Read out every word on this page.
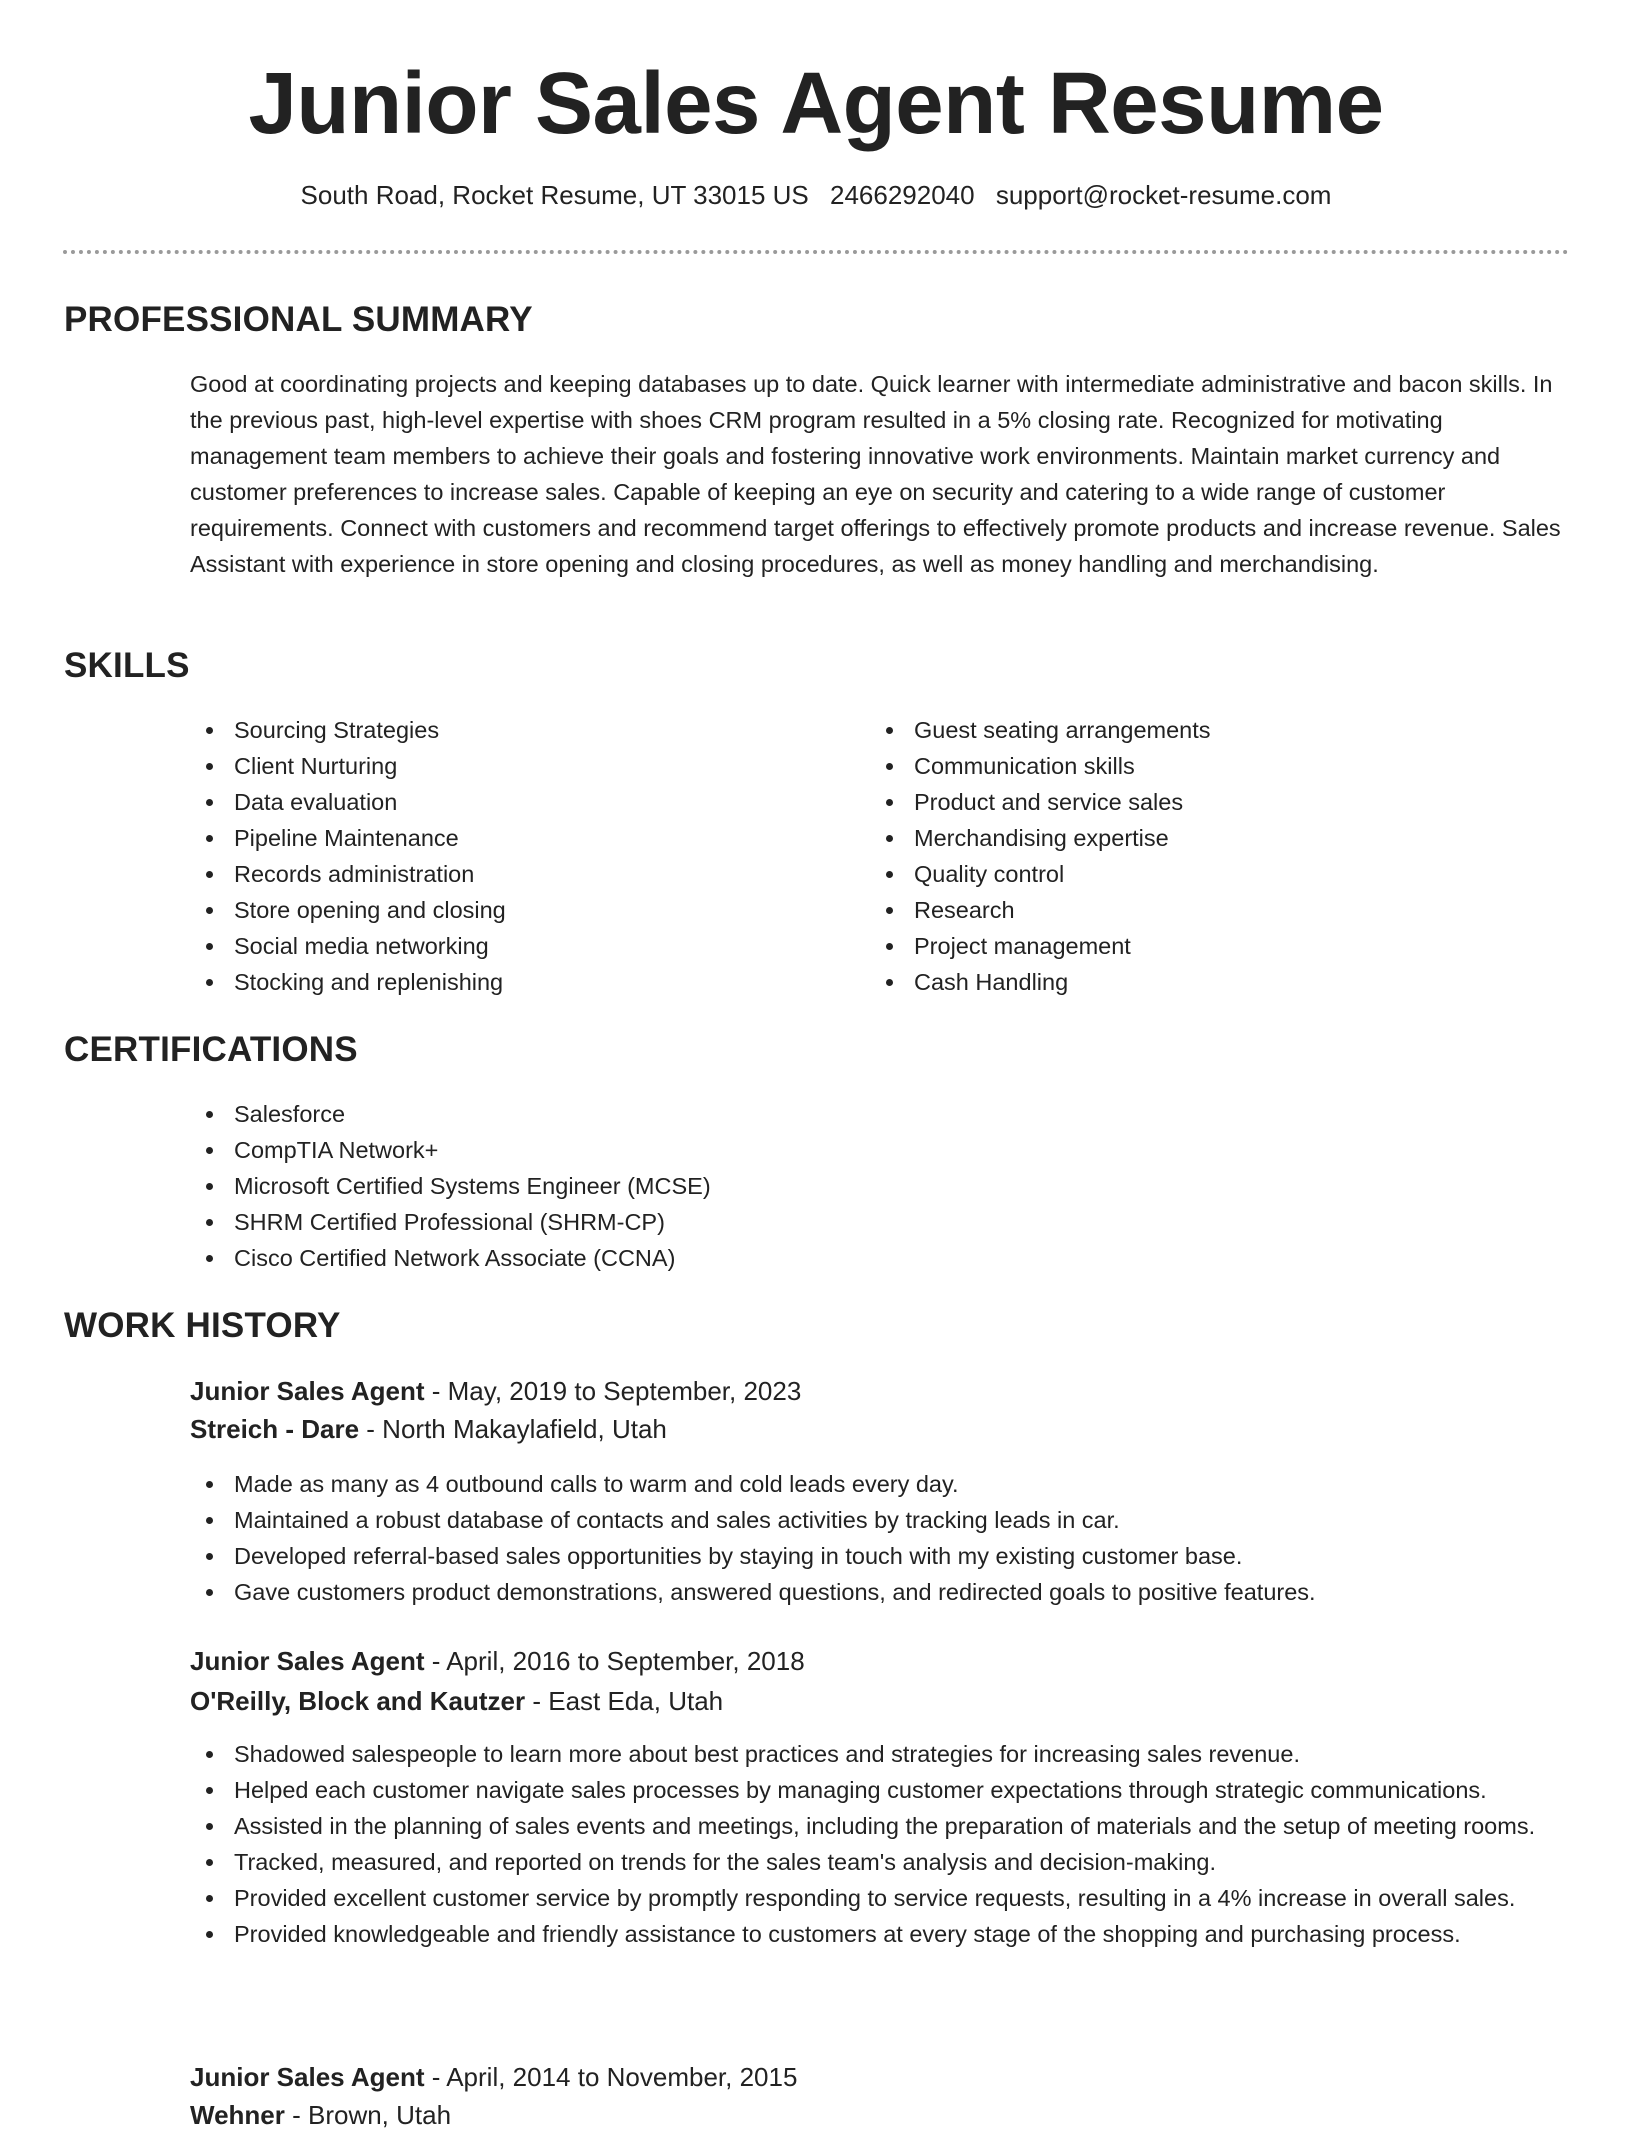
Junior Sales Agent Resume
South Road, Rocket Resume, UT 33015 US 2466292040 support@rocket-resume.com
PROFESSIONAL SUMMARY

Good at coordinating projects and keeping databases up to date. Quick learner with intermediate administrative and bacon skills. In the previous past, high-level expertise with shoes CRM program resulted in a 5% closing rate. Recognized for motivating management team members to achieve their goals and fostering innovative work environments. Maintain market currency and customer preferences to increase sales. Capable of keeping an eye on security and catering to a wide range of customer requirements. Connect with customers and recommend target offerings to effectively promote products and increase revenue. Sales Assistant with experience in store opening and closing procedures, as well as money handling and merchandising.

SKILLS
Sourcing Strategies
Client Nurturing
Data evaluation
Pipeline Maintenance
Records administration
Store opening and closing
Social media networking
Stocking and replenishing
Guest seating arrangements
Communication skills
Product and service sales
Merchandising expertise
Quality control
Research
Project management
Cash Handling
CERTIFICATIONS
Salesforce
CompTIA Network+
Microsoft Certified Systems Engineer (MCSE)
SHRM Certified Professional (SHRM-CP)
Cisco Certified Network Associate (CCNA)
WORK HISTORY
Junior Sales Agent - May, 2019 to September, 2023
Streich - Dare - North Makaylafield, Utah
Made as many as 4 outbound calls to warm and cold leads every day.
Maintained a robust database of contacts and sales activities by tracking leads in car.
Developed referral-based sales opportunities by staying in touch with my existing customer base.
Gave customers product demonstrations, answered questions, and redirected goals to positive features.
Junior Sales Agent - April, 2016 to September, 2018
O'Reilly, Block and Kautzer - East Eda, Utah
Shadowed salespeople to learn more about best practices and strategies for increasing sales revenue.
Helped each customer navigate sales processes by managing customer expectations through strategic communications.
Assisted in the planning of sales events and meetings, including the preparation of materials and the setup of meeting rooms.
Tracked, measured, and reported on trends for the sales team's analysis and decision-making.
Provided excellent customer service by promptly responding to service requests, resulting in a 4% increase in overall sales.
Provided knowledgeable and friendly assistance to customers at every stage of the shopping and purchasing process.
Junior Sales Agent - April, 2014 to November, 2015
Wehner - Brown, Utah
